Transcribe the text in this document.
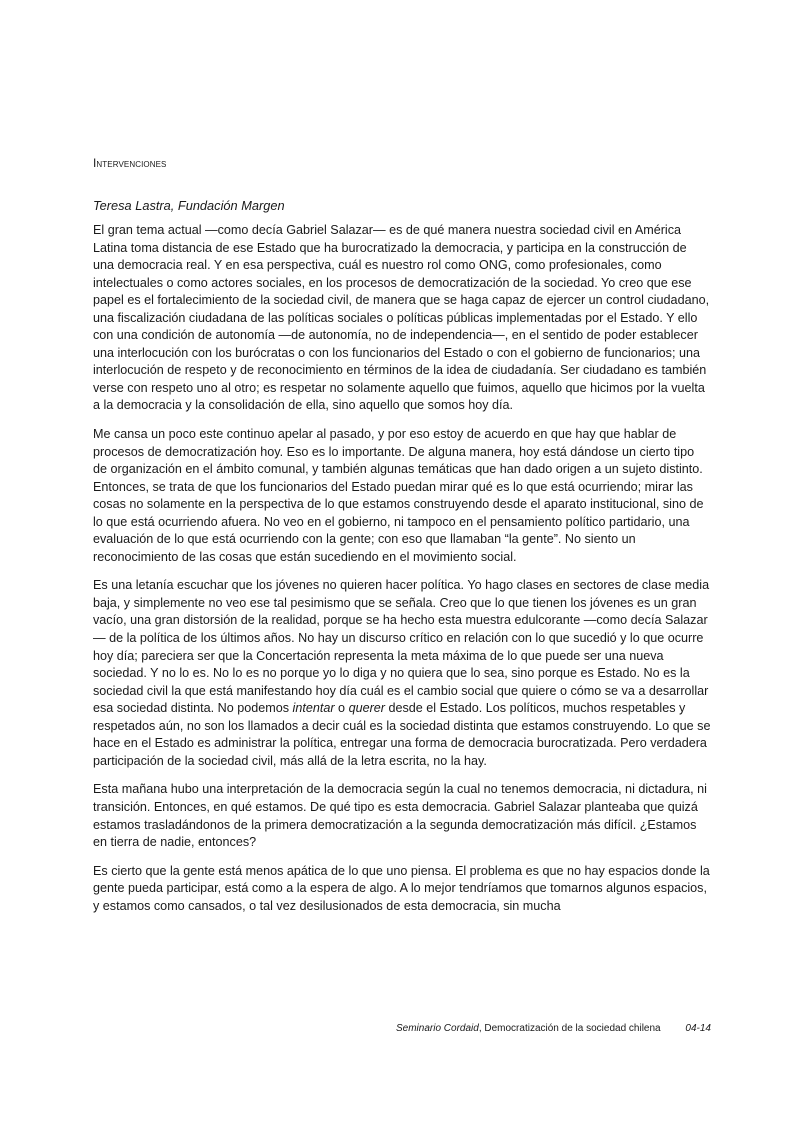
Intervenciones
Teresa Lastra, Fundación Margen

El gran tema actual —como decía Gabriel Salazar— es de qué manera nuestra sociedad civil en América Latina toma distancia de ese Estado que ha burocratizado la democracia, y participa en la construcción de una democracia real. Y en esa perspectiva, cuál es nuestro rol como ONG, como profesionales, como intelectuales o como actores sociales, en los procesos de democratización de la sociedad. Yo creo que ese papel es el fortalecimiento de la sociedad civil, de manera que se haga capaz de ejercer un control ciudadano, una fiscalización ciudadana de las políticas sociales o políticas públicas implementadas por el Estado. Y ello con una condición de autonomía —de autonomía, no de independencia—, en el sentido de poder establecer una interlocución con los burócratas o con los funcionarios del Estado o con el gobierno de funcionarios; una interlocución de respeto y de reconocimiento en términos de la idea de ciudadanía. Ser ciudadano es también verse con respeto uno al otro; es respetar no solamente aquello que fuimos, aquello que hicimos por la vuelta a la democracia y la consolidación de ella, sino aquello que somos hoy día.

Me cansa un poco este continuo apelar al pasado, y por eso estoy de acuerdo en que hay que hablar de procesos de democratización hoy. Eso es lo importante. De alguna manera, hoy está dándose un cierto tipo de organización en el ámbito comunal, y también algunas temáticas que han dado origen a un sujeto distinto. Entonces, se trata de que los funcionarios del Estado puedan mirar qué es lo que está ocurriendo; mirar las cosas no solamente en la perspectiva de lo que estamos construyendo desde el aparato institucional, sino de lo que está ocurriendo afuera. No veo en el gobierno, ni tampoco en el pensamiento político partidario, una evaluación de lo que está ocurriendo con la gente; con eso que llamaban “la gente”. No siento un reconocimiento de las cosas que están sucediendo en el movimiento social.

Es una letanía escuchar que los jóvenes no quieren hacer política. Yo hago clases en sectores de clase media baja, y simplemente no veo ese tal pesimismo que se señala. Creo que lo que tienen los jóvenes es un gran vacío, una gran distorsión de la realidad, porque se ha hecho esta muestra edulcorante —como decía Salazar— de la política de los últimos años. No hay un discurso crítico en relación con lo que sucedió y lo que ocurre hoy día; pareciera ser que la Concertación representa la meta máxima de lo que puede ser una nueva sociedad. Y no lo es. No lo es no porque yo lo diga y no quiera que lo sea, sino porque es Estado. No es la sociedad civil la que está manifestando hoy día cuál es el cambio social que quiere o cómo se va a desarrollar esa sociedad distinta. No podemos intentar o querer desde el Estado. Los políticos, muchos respetables y respetados aún, no son los llamados a decir cuál es la sociedad distinta que estamos construyendo. Lo que se hace en el Estado es administrar la política, entregar una forma de democracia burocratizada. Pero verdadera participación de la sociedad civil, más allá de la letra escrita, no la hay.

Esta mañana hubo una interpretación de la democracia según la cual no tenemos democracia, ni dictadura, ni transición. Entonces, en qué estamos. De qué tipo es esta democracia. Gabriel Salazar planteaba que quizá estamos trasladándonos de la primera democratización a la segunda democratización más difícil. ¿Estamos en tierra de nadie, entonces?

Es cierto que la gente está menos apática de lo que uno piensa. El problema es que no hay espacios donde la gente pueda participar, está como a la espera de algo. A lo mejor tendríamos que tomarnos algunos espacios, y estamos como cansados, o tal vez desilusionados de esta democracia, sin mucha

Seminario Cordaid, Democratización de la sociedad chilena 04-14
